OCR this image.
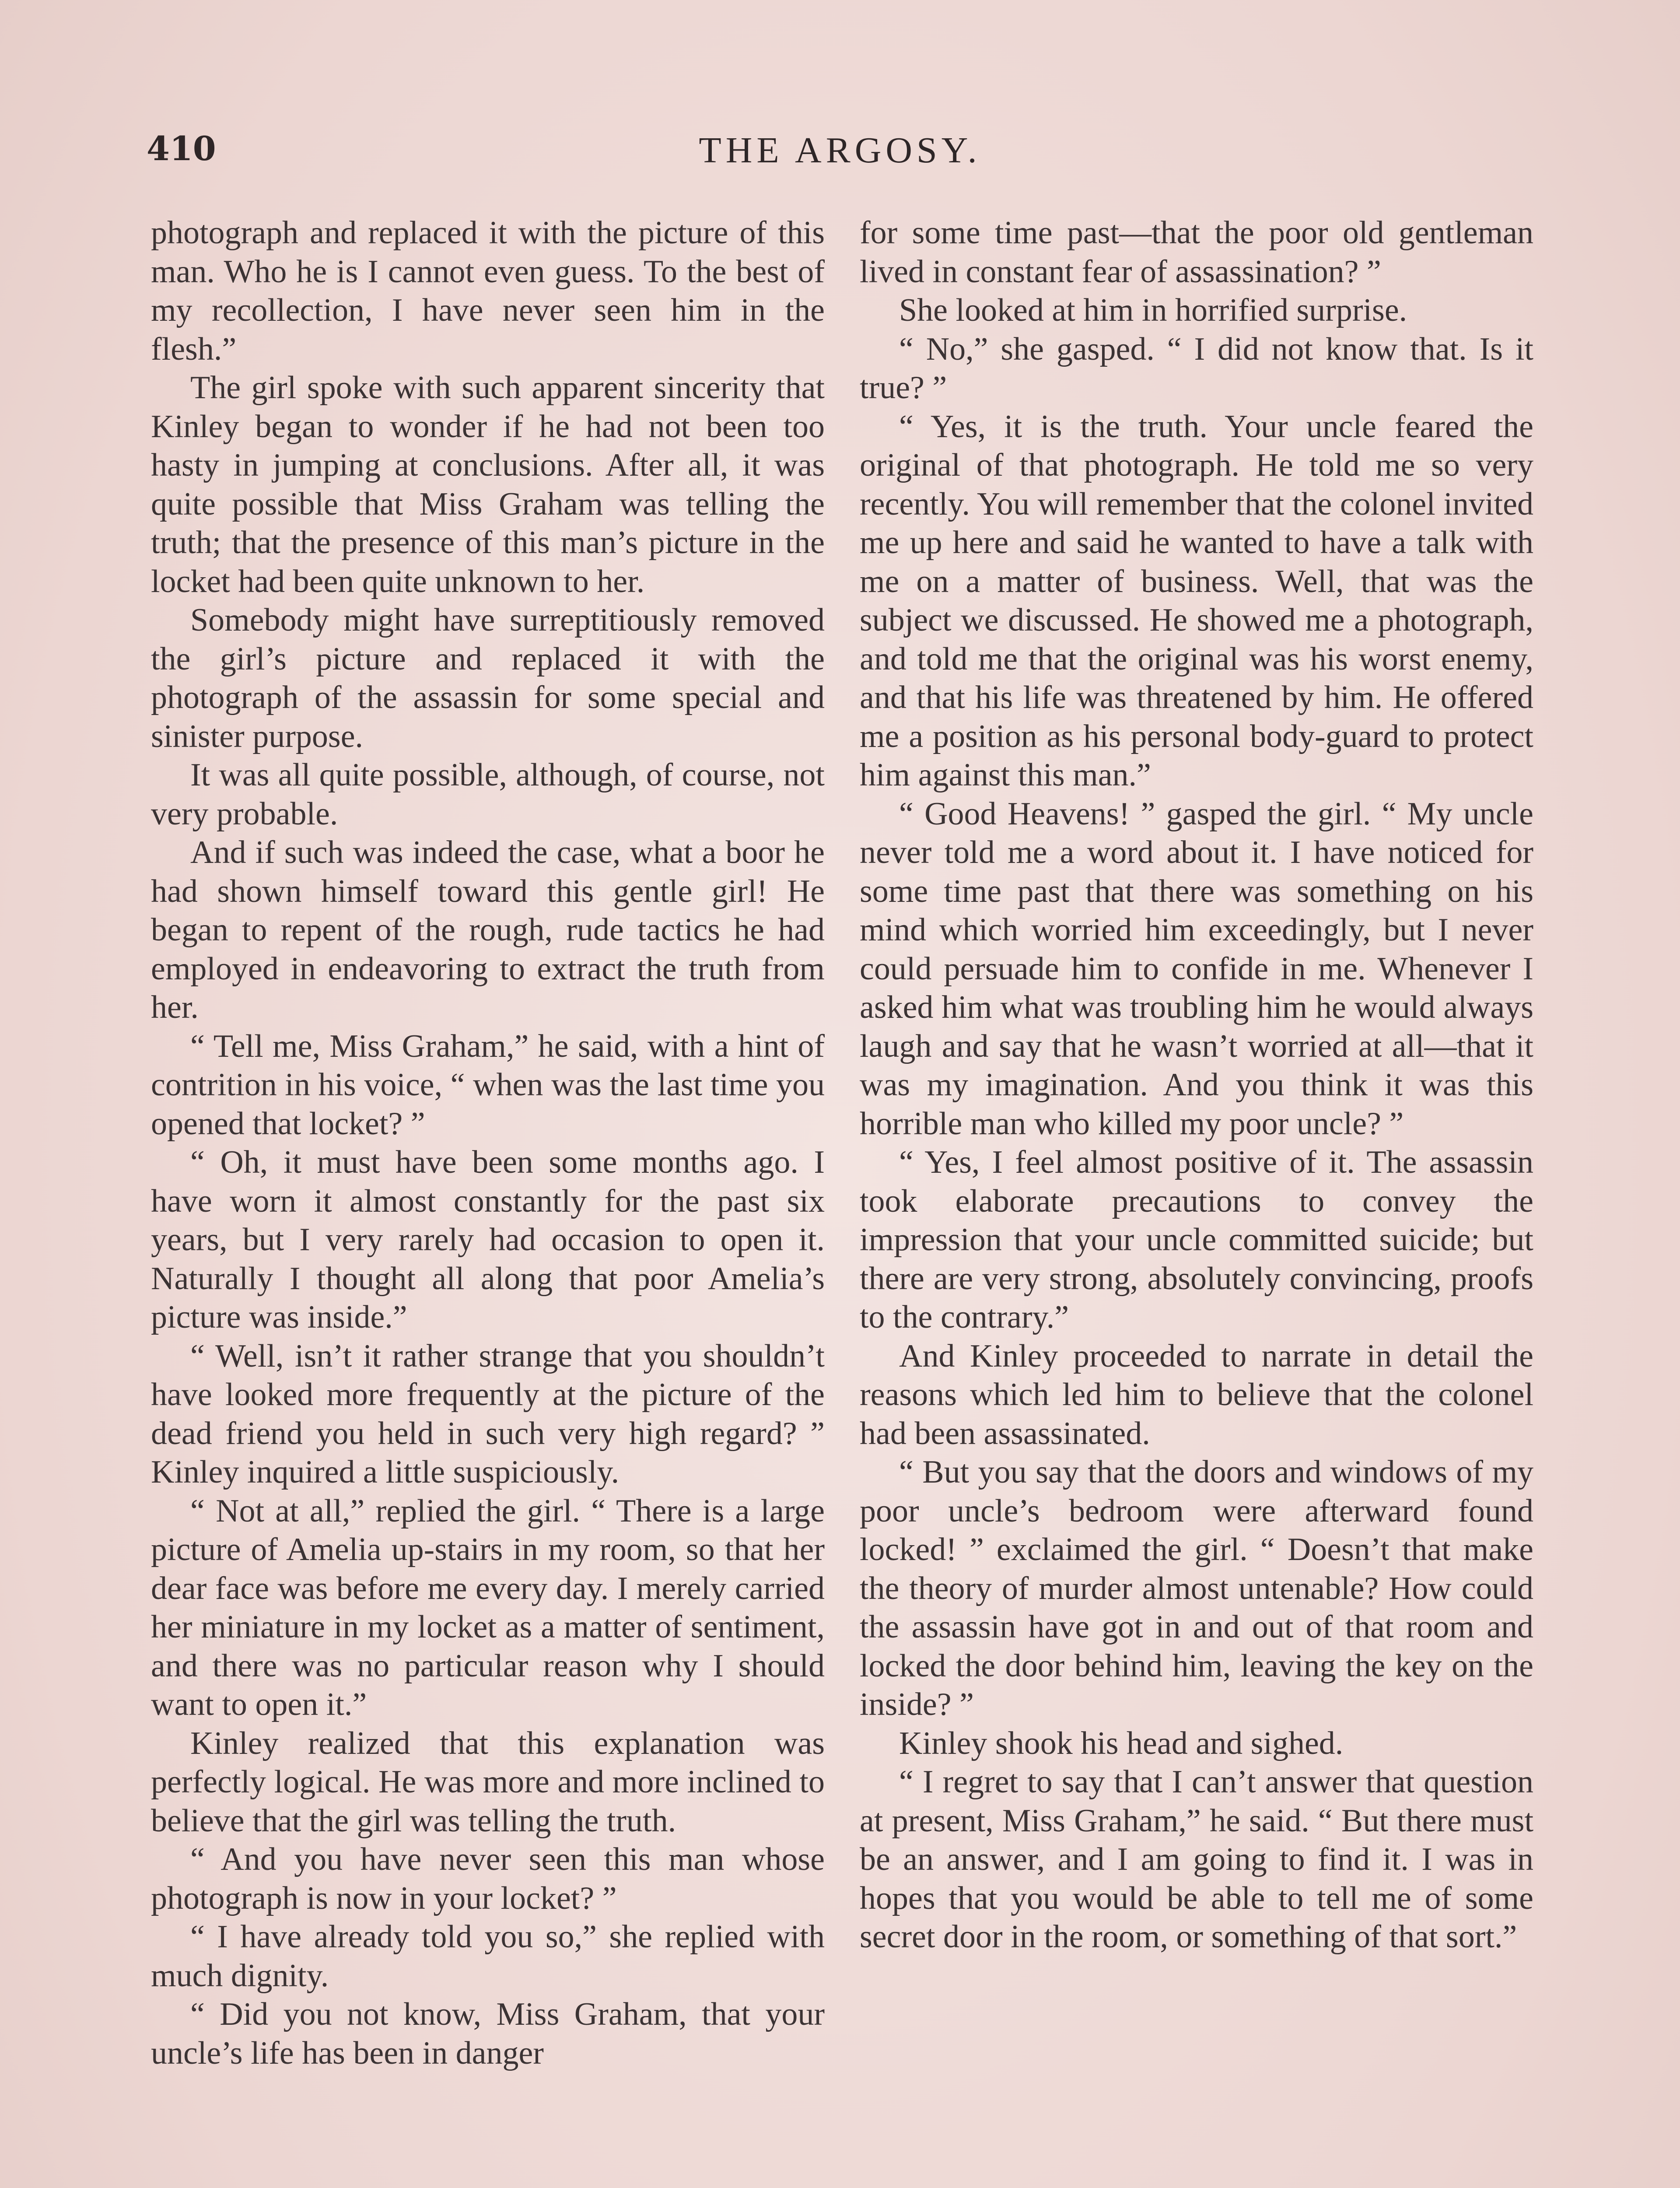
410	THE ARGOSY.

photograph and replaced it with the picture of this man. Who he is I cannot even guess. To the best of my recollection, I have never seen him in the flesh.”

The girl spoke with such apparent sincerity that Kinley began to wonder if he had not been too hasty in jumping at conclusions. After all, it was quite possible that Miss Graham was telling the truth; that the presence of this man’s picture in the locket had been quite unknown to her.

Somebody might have surreptitiously removed the girl’s picture and replaced it with the photograph of the assassin for some special and sinister purpose.

It was all quite possible, although, of course, not very probable.

And if such was indeed the case, what a boor he had shown himself toward this gentle girl! He began to repent of the rough, rude tactics he had employed in endeavoring to extract the truth from her.

“ Tell me, Miss Graham,” he said, with a hint of contrition in his voice, “ when was the last time you opened that locket? ”

“ Oh, it must have been some months ago. I have worn it almost constantly for the past six years, but I very rarely had occasion to open it. Naturally I thought all along that poor Amelia’s picture was inside.”

“ Well, isn’t it rather strange that you shouldn’t have looked more frequently at the picture of the dead friend you held in such very high regard? ” Kinley inquired a little suspiciously.

“ Not at all,” replied the girl. “ There is a large picture of Amelia up-stairs in my room, so that her dear face was before me every day. I merely carried her miniature in my locket as a matter of sentiment, and there was no particular reason why I should want to open it.”

Kinley realized that this explanation was perfectly logical. He was more and more inclined to believe that the girl was telling the truth.

“ And you have never seen this man whose photograph is now in your locket? ”

“ I have already told you so,” she replied with much dignity.

“ Did you not know, Miss Graham, that your uncle’s life has been in danger

for some time past—that the poor old gentleman lived in constant fear of assassination? ”

She looked at him in horrified surprise.

“ No,” she gasped. “ I did not know that. Is it true? ”

“ Yes, it is the truth. Your uncle feared the original of that photograph. He told me so very recently. You will remember that the colonel invited me up here and said he wanted to have a talk with me on a matter of business. Well, that was the subject we discussed. He showed me a photograph, and told me that the original was his worst enemy, and that his life was threatened by him. He offered me a position as his personal body-guard to protect him against this man.”

“ Good Heavens! ” gasped the girl. “ My uncle never told me a word about it. I have noticed for some time past that there was something on his mind which worried him exceedingly, but I never could persuade him to confide in me. Whenever I asked him what was troubling him he would always laugh and say that he wasn’t worried at all—that it was my imagination. And you think it was this horrible man who killed my poor uncle? ”

“ Yes, I feel almost positive of it. The assassin took elaborate precautions to convey the impression that your uncle committed suicide; but there are very strong, absolutely convincing, proofs to the contrary.”

And Kinley proceeded to narrate in detail the reasons which led him to believe that the colonel had been assassinated.

“ But you say that the doors and windows of my poor uncle’s bedroom were afterward found locked! ” exclaimed the girl. “ Doesn’t that make the theory of murder almost untenable? How could the assassin have got in and out of that room and locked the door behind him, leaving the key on the inside? ”

Kinley shook his head and sighed.

“ I regret to say that I can’t answer that question at present, Miss Graham,” he said. “ But there must be an answer, and I am going to find it. I was in hopes that you would be able to tell me of some secret door in the room, or something of that sort.”
